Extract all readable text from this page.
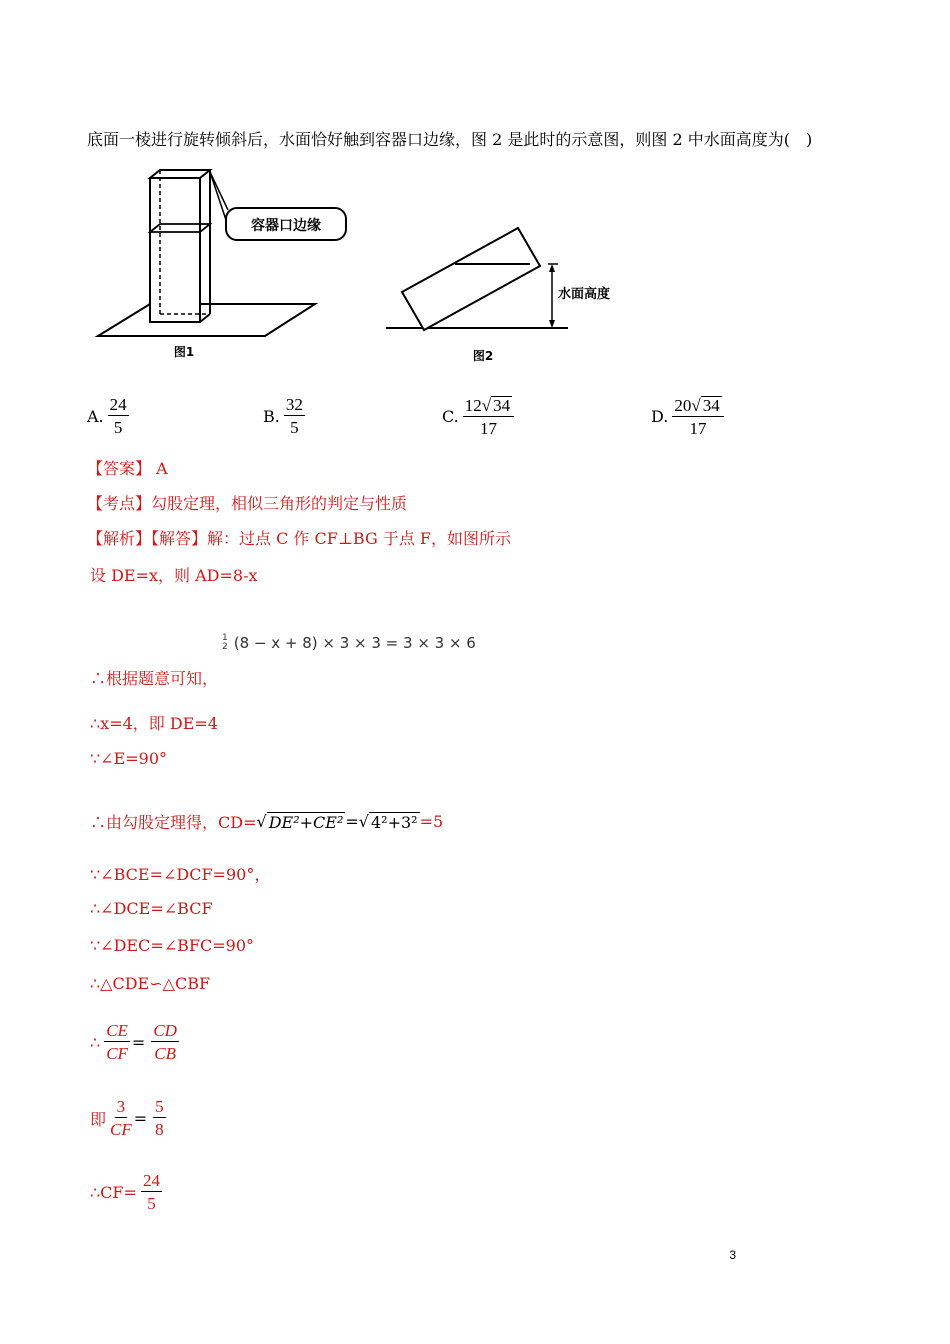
底面一棱进行旋转倾斜后，水面恰好触到容器口边缘，图 2 是此时的示意图，则图 2 中水面高度为(　)
容器口边缘
图1
水面高度
图2
A. $\frac{24}{5}$	B. $\frac{32}{5}$	C. $\frac{12√ 34}{17}$	D. $\frac{20√ 34}{17}$
【答案】 A
【考点】勾股定理，相似三角形的判定与性质
【解析】【解答】解：过点 C 作 CF⊥BG 于点 F，如图所示
设 DE=x，则 AD=8-x
1
2 (8 − x + 8) × 3 × 3 = 3 × 3 × 6
∴根据题意可知，
∴x=4，即 DE=4
∵∠E=90°
∴由勾股定理得，CD= √ DE²+CE² = √ 4²+3² =5
∵∠BCE=∠DCF=90°，
∴∠DCE=∠BCF
∵∠DEC=∠BFC=90°
∴△CDE∽△CBF
∴ $\frac{CE}{CF} = \frac{CD}{CB}$
即 $\frac{3}{CF} = \frac{5}{8}$
∴CF= $\frac{24}{5}$
3
